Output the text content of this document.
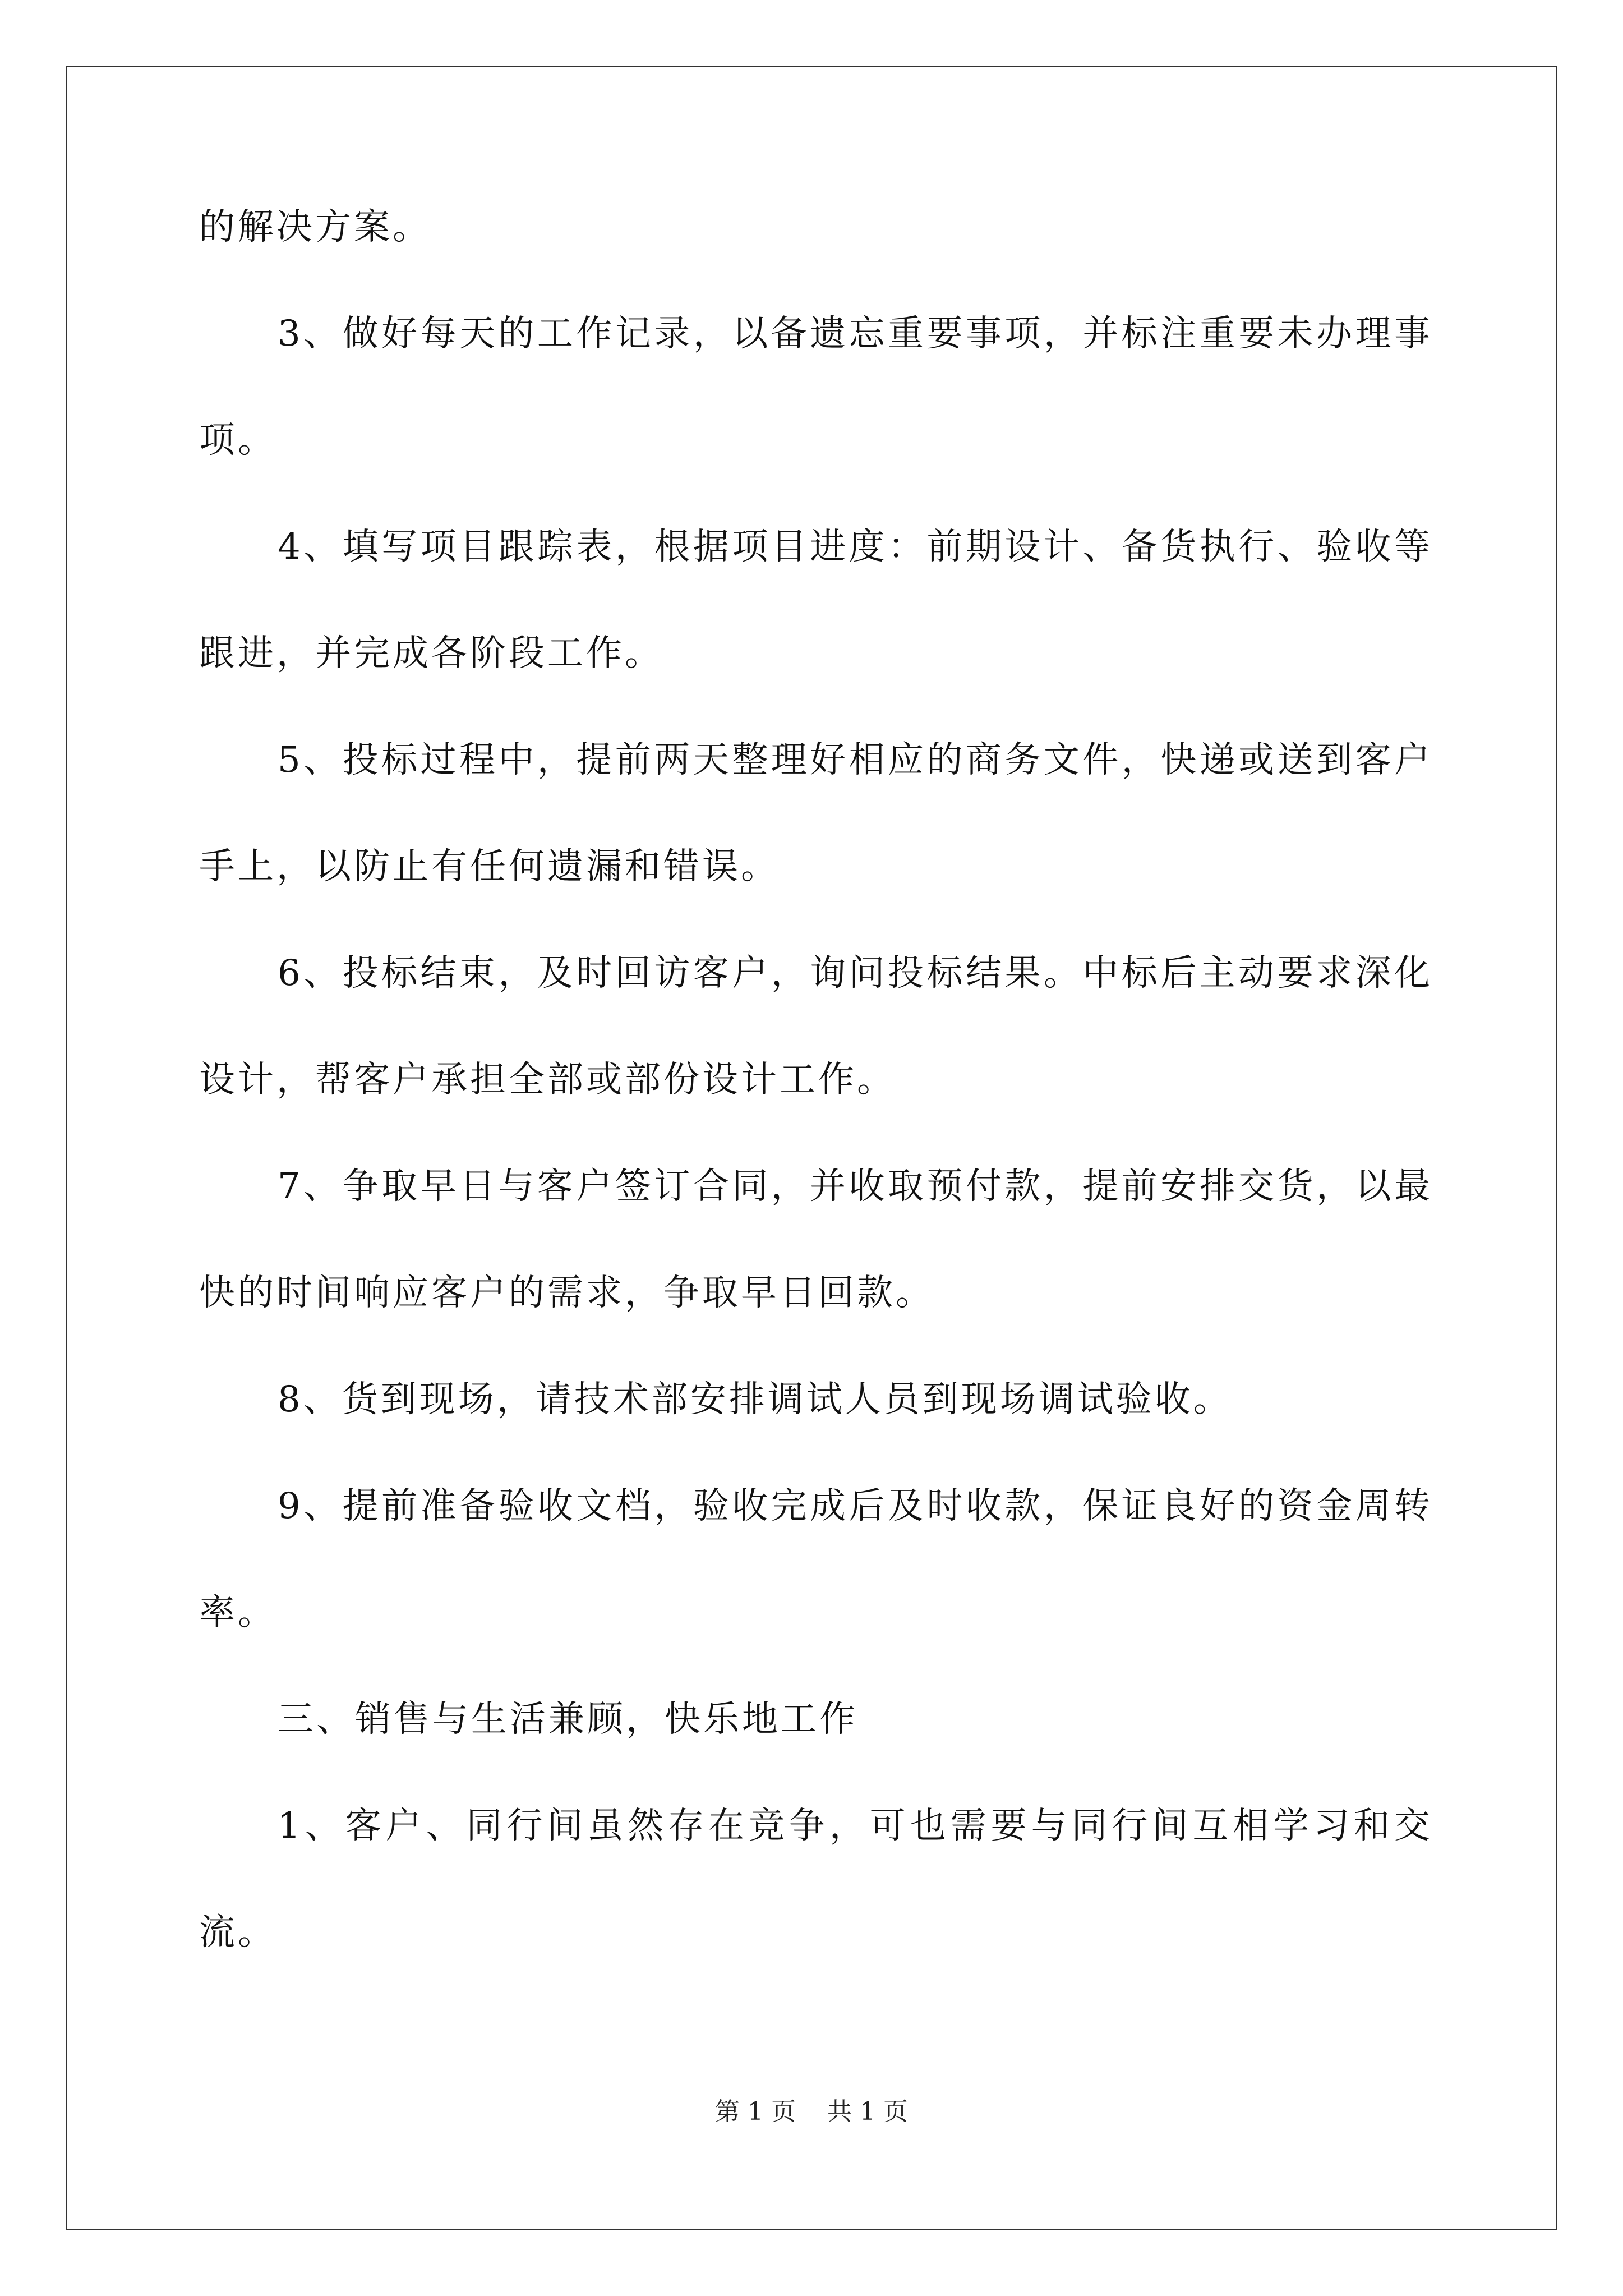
的解决方案。

3、做好每天的工作记录，以备遗忘重要事项，并标注重要未办理事项。

4、填写项目跟踪表，根据项目进度：前期设计、备货执行、验收等跟进，并完成各阶段工作。

5、投标过程中，提前两天整理好相应的商务文件，快递或送到客户手上，以防止有任何遗漏和错误。

6、投标结束，及时回访客户，询问投标结果。中标后主动要求深化设计，帮客户承担全部或部份设计工作。

7、争取早日与客户签订合同，并收取预付款，提前安排交货，以最快的时间响应客户的需求，争取早日回款。

8、货到现场，请技术部安排调试人员到现场调试验收。

9、提前准备验收文档，验收完成后及时收款，保证良好的资金周转率。

三、销售与生活兼顾，快乐地工作

1、客户、同行间虽然存在竞争，可也需要与同行间互相学习和交流。

第 1 页    共 1 页
